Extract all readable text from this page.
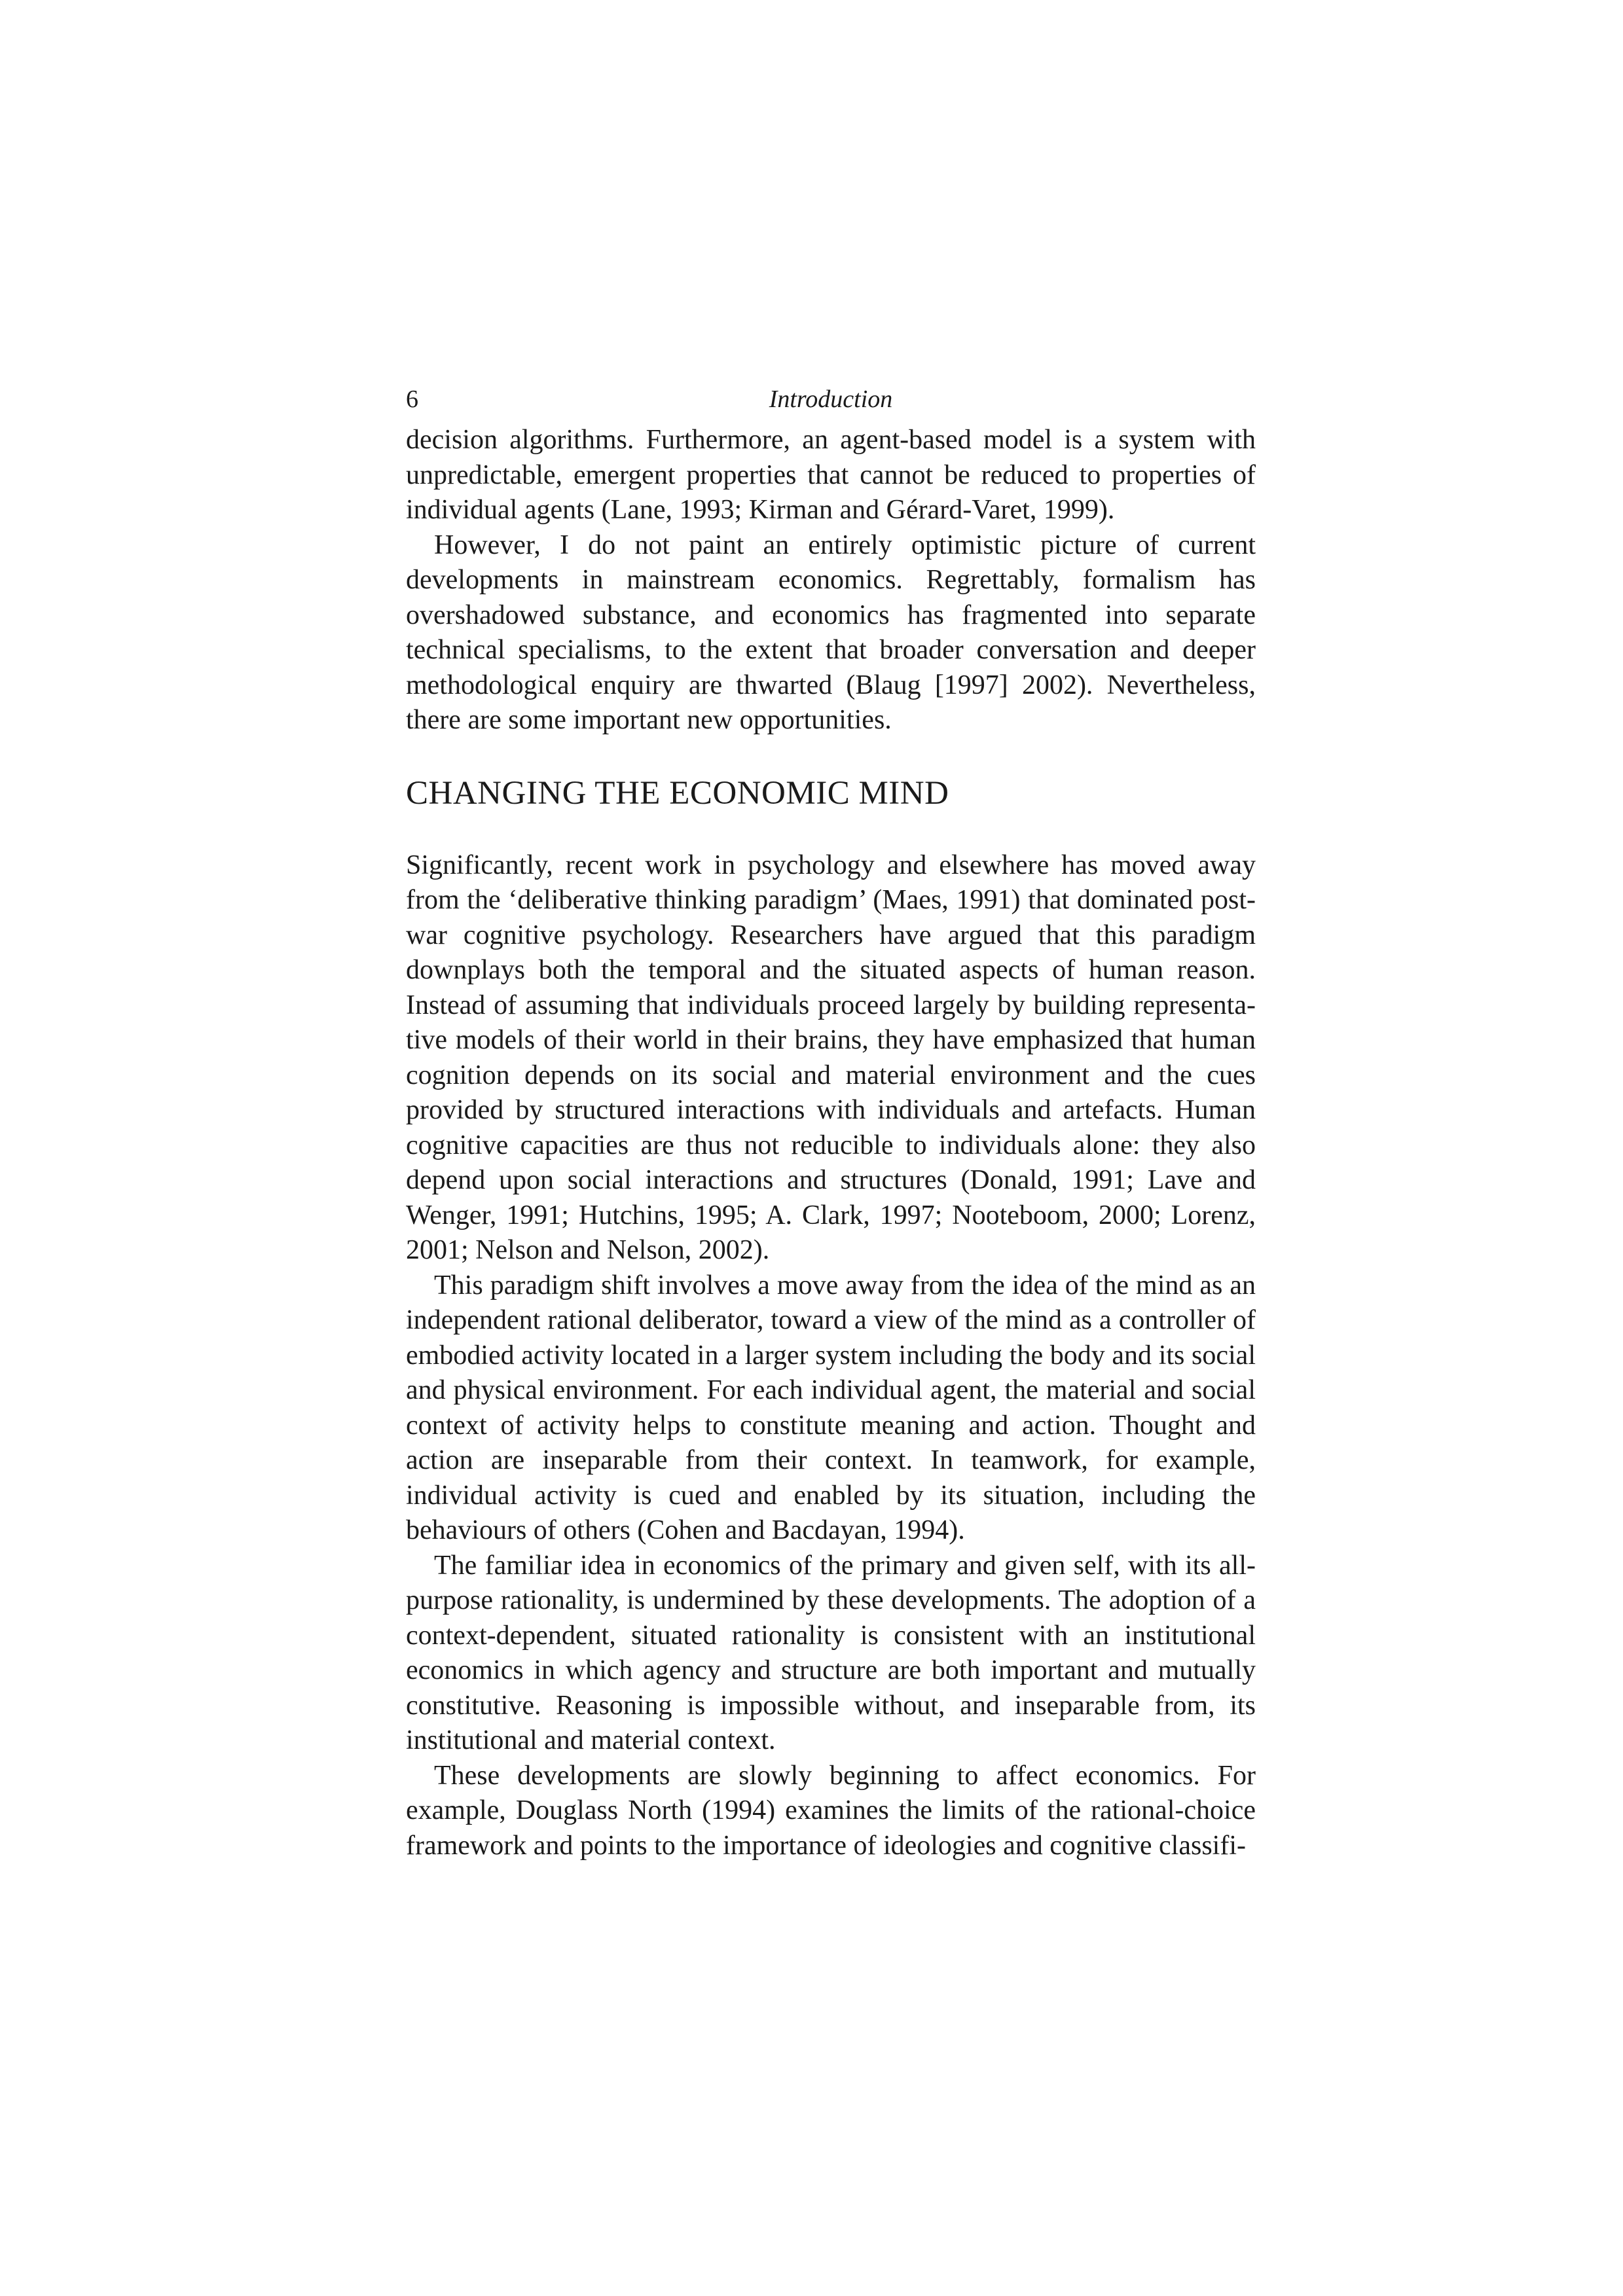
6	Introduction

decision algorithms. Furthermore, an agent-based model is a system with unpredictable, emergent properties that cannot be reduced to properties of individual agents (Lane, 1993; Kirman and Gérard-Varet, 1999).

However, I do not paint an entirely optimistic picture of current developments in mainstream economics. Regrettably, formalism has overshadowed substance, and economics has fragmented into separate technical specialisms, to the extent that broader conversation and deeper methodological enquiry are thwarted (Blaug [1997] 2002). Nevertheless, there are some important new opportunities.

CHANGING THE ECONOMIC MIND

Significantly, recent work in psychology and elsewhere has moved away from the ‘deliberative thinking paradigm’ (Maes, 1991) that dominated post-war cognitive psychology. Researchers have argued that this paradigm downplays both the temporal and the situated aspects of human reason. Instead of assuming that individuals proceed largely by building representative models of their world in their brains, they have emphasized that human cognition depends on its social and material environment and the cues provided by structured interactions with individuals and artefacts. Human cognitive capacities are thus not reducible to individuals alone: they also depend upon social interactions and structures (Donald, 1991; Lave and Wenger, 1991; Hutchins, 1995; A. Clark, 1997; Nooteboom, 2000; Lorenz, 2001; Nelson and Nelson, 2002).

This paradigm shift involves a move away from the idea of the mind as an independent rational deliberator, toward a view of the mind as a controller of embodied activity located in a larger system including the body and its social and physical environment. For each individual agent, the material and social context of activity helps to constitute meaning and action. Thought and action are inseparable from their context. In teamwork, for example, individual activity is cued and enabled by its situation, including the behaviours of others (Cohen and Bacdayan, 1994).

The familiar idea in economics of the primary and given self, with its allpurpose rationality, is undermined by these developments. The adoption of a context-dependent, situated rationality is consistent with an institutional economics in which agency and structure are both important and mutually constitutive. Reasoning is impossible without, and inseparable from, its institutional and material context.

These developments are slowly beginning to affect economics. For example, Douglass North (1994) examines the limits of the rational-choice framework and points to the importance of ideologies and cognitive classifi-
